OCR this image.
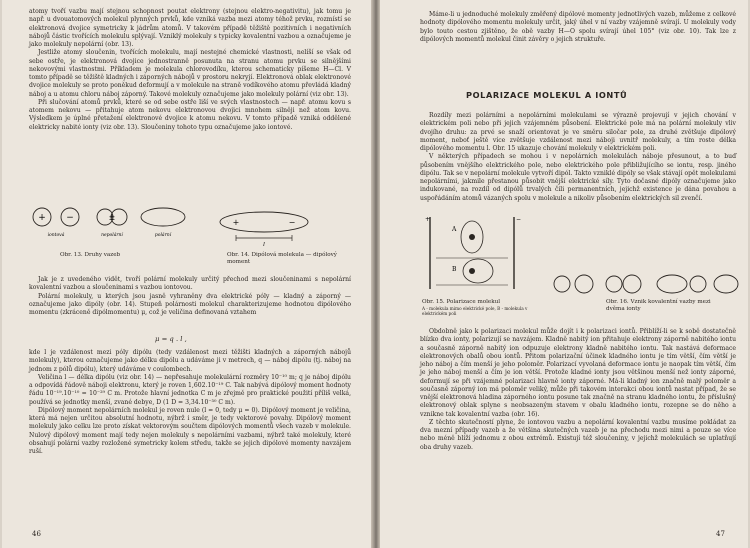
atomy tvoří vazbu mají stejnou schopnost poutat elektrony (stejnou elektro-negativitu), jak tomu je např. u dvouatomových molekul plynných prvků, kde vzniká vazba mezi atomy téhož prvku, rozmístí se elektronová dvojice symetricky k jádrům atomů. V takovém případě těžiště pozitivních i negativních nábojů částic tvořících molekulu splývají. Vzniklý molekuly s typicky kovalentní vazbou a označujeme je jako molekuly nepolární (obr. 13).

Jestliže atomy sloučenin, tvořících molekulu, mají nestejné chemické vlastnosti, nelíší se však od sebe ostře, je elektronová dvojice jednostranně posunuta na stranu atomu prvku se silnějšími nekovovými vlastnostmi. Příkladem je molekula chlorovodíku, kterou schematicky píšeme H—Cl. V tomto případě se těžiště kladných i záporných nábojů v prostoru nekryjí. Elektronová oblak elektronové dvojice molekuly se proto poněkud deformují a v molekule na straně vodíkového atomu převládá kladný náboj a u atomu chloru náboj záporný. Takové molekuly označujeme jako molekuly polární (viz obr. 13).

Při slučování atomů prvků, které se od sebe ostře liší ve svých vlastnostech — např. atomu kovu s atomem nekovu — přitahuje atom nekovu elektronovou dvojici mnohem silněji než atom kovu. Výsledkem je úplné přetažení elektronové dvojice k atomu nekovu. V tomto případě vzniká oddělené elektricky nabité ionty (viz obr. 13). Sloučeniny tohoto typu označujeme jako iontové.

+ −	±
iontová	nepolární	polární
Obr. 13. Druhy vazeb
+	−
l
Obr. 14. Dipólová molekula — dipólový moment

Jak je z uvedeného vidět, tvoří polární molekuly určitý přechod mezi sloučeninami s nepolární kovalentní vazbou a sloučeninami s vazbou iontovou.

Polární molekuly, u kterých jsou jasně vyhraněny dva elektrické póly — kladný a záporný — označujeme jako dipóly (obr. 14). Stupeň polárnosti molekul charakterizujeme hodnotou dipólového momentu (zkráceně dipólmomentu) μ, což je veličina definovaná vztahem

μ = q . l ,

kde l je vzdálenost mezi póly dipólu (tedy vzdálenost mezi těžišti kladných a záporných nábojů molekuly), kterou označujeme jako délku dipólu a udáváme ji v metrech, q — náboj dipólu (tj. náboj na jednom z pólů dipólu), který udáváme v coulombech.

Veličina l — délka dipólu (viz obr. 14) — nepřesahuje molekulární rozměry 10⁻¹⁰ m; q je náboj dipólu a odpovídá řádově náboji elektronu, který je roven 1,602.10⁻¹⁹ C. Tak nabývá dipólový moment hodnoty řádu 10⁻¹⁹.10⁻¹⁰ = 10⁻²⁹ C m. Protože hlavní jednotka C m je zřejmě pro praktické použití příliš velká, používá se jednotky menší, zvané debye, D (1 D = 3,34.10⁻³⁰ C m).

Dipólový moment nepolárních molekul je roven nule (l = 0, tedy μ = 0). Dipólový moment je veličina, která má nejen určitou absolutní hodnotu, nýbrž i směr, je tedy vektorové povahy. Dipólový moment molekuly jako celku lze proto získat vektorovým součtem dipólových momentů všech vazeb v molekule. Nulový dipólový moment mají tedy nejen molekuly s nepolárními vazbami, nýbrž také molekuly, které obsahují polární vazby rozložené symetricky kolem středu, takže se jejich dipólové momenty navzájem ruší.

46

Máme-li u jednoduché molekuly změřený dipólové momenty jednotlivých vazeb, můžeme z celkové hodnoty dipólového momentu molekuly určit, jaký úhel v ní vazby vzájemně svírají. U molekuly vody bylo touto cestou zjištěno, že obě vazby H—O spolu svírají úhel 105° (viz obr. 10). Tak lze z dipólových momentů molekul činit závěry o jejich struktuře.

POLARIZACE MOLEKUL A IONTŮ

Rozdíly mezi polárními a nepolárními molekulami se výrazně projevují v jejich chování v elektrickém poli nebo při jejich vzájemném působení. Elektrické pole má na polární molekuly vliv dvojího druhu: za prvé se snaží orientovat je ve směru siločar pole, za druhé zvětšuje dipólový moment, neboť ještě více zvětšuje vzdálenost mezi náboji uvnitř molekuly, a tím roste délka dipólového momentu l. Obr. 15 ukazuje chování molekuly v elektrickém poli.

V některých případech se mohou i v nepolárních molekulách náboje přesunout, a to buď působením vnějšího elektrického pole, nebo elektrického pole přibližujícího se iontu, resp. jiného dipólu. Tak se v nepolární molekule vytvoří dipól. Takto vzniklé dipóly se však stávají opět molekulami nepolárními, jakmile přestanou působit vnější elektrické síly. Tyto dočasné dipóly označujeme jako indukované, na rozdíl od dipólů trvalých čili permanentních, jejichž existence je dána povahou a uspořádáním atomů vázaných spolu v molekule a nikoliv působením elektrických sil zvenčí.

+	−
A
B
Obr. 15. Polarizace molekul
A - molekula mimo elektrické pole, B - molekula v elektrickém poli
Obr. 16. Vznik kovalentní vazby mezi dvěma ionty

Obdobně jako k polarizaci molekul může dojít i k polarizaci iontů. Přiblíží-li se k sobě dostatečně blízko dva ionty, polarizují se navzájem. Kladně nabitý ion přitahuje elektrony záporně nabitého iontu a současně záporně nabitý ion odpuzuje elektrony kladně nabitého iontu. Tak nastává deformace elektronových obalů obou iontů. Přitom polarizační účinek kladného iontu je tím větší, čím větší je jeho náboj a čím menší je jeho poloměr. Polarizací vyvolaná deformace iontu je naopak tím větší, čím je jeho náboj menší a čím je ion větší. Protože kladné ionty jsou většinou menší než ionty záporné, deformují se při vzájemné polarizaci hlavně ionty záporné. Má-li kladný ion značně malý poloměr a současně záporný ion má poloměr veliký, může při takovém interakci obou iontů nastat případ, že se vnější elektronová hladina záporného iontu posune tak značně na stranu kladného iontu, že příslušný elektronový oblak splyne s neobsazeným stavem v obalu kladného iontu, rozepne se do něho a vznikne tak kovalentní vazba (obr. 16).

Z těchto skutečností plyne, že iontovou vazbu a nepolární kovalentní vazbu musíme pokládat za dva mezní případy vazeb a že většina skutečných vazeb je na přechodu mezi nimi a pouze se více nebo méně blíží jednomu z obou extrémů. Existují též sloučeniny, v jejichž molekulách se uplatňují oba druhy vazeb.

47
